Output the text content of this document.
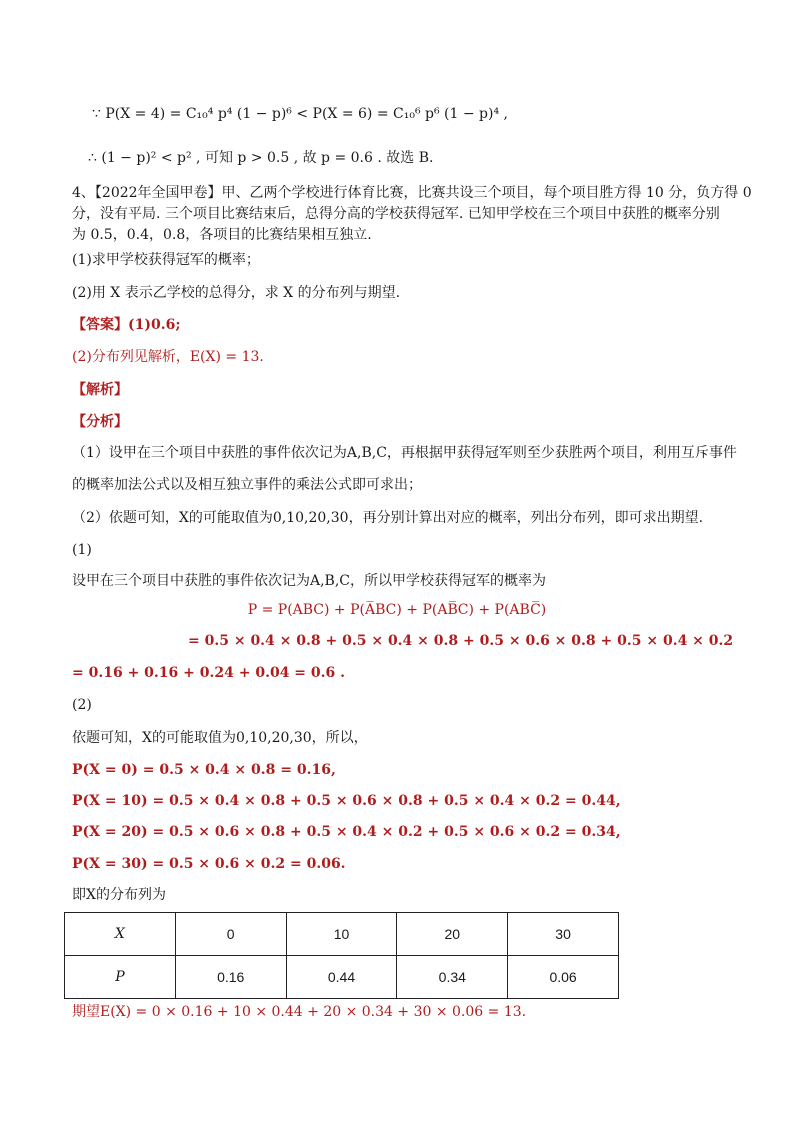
∵ P(X = 4) = C₁₀⁴ p⁴ (1 − p)⁶ < P(X = 6) = C₁₀⁶ p⁶ (1 − p)⁴ ,
∴ (1 − p)² < p² , 可知 p > 0.5 , 故 p = 0.6 . 故选 B.
4、【2022年全国甲卷】甲、乙两个学校进行体育比赛，比赛共设三个项目，每个项目胜方得 10 分，负方得 0
分，没有平局. 三个项目比赛结束后，总得分高的学校获得冠军. 已知甲学校在三个项目中获胜的概率分别
为 0.5，0.4，0.8，各项目的比赛结果相互独立.
(1)求甲学校获得冠军的概率；
(2)用 X 表示乙学校的总得分，求 X 的分布列与期望.
【答案】(1)0.6;
(2)分布列见解析，E(X) = 13.
【解析】
【分析】
（1）设甲在三个项目中获胜的事件依次记为A,B,C，再根据甲获得冠军则至少获胜两个项目，利用互斥事件
的概率加法公式以及相互独立事件的乘法公式即可求出；
（2）依题可知，X的可能取值为0,10,20,30，再分别计算出对应的概率，列出分布列，即可求出期望.
(1)
设甲在三个项目中获胜的事件依次记为A,B,C，所以甲学校获得冠军的概率为
P = P(ABC) + P(A̅BC) + P(AB̅C) + P(ABC̅)
= 0.5 × 0.4 × 0.8 + 0.5 × 0.4 × 0.8 + 0.5 × 0.6 × 0.8 + 0.5 × 0.4 × 0.2
= 0.16 + 0.16 + 0.24 + 0.04 = 0.6 .
(2)
依题可知，X的可能取值为0,10,20,30，所以，
P(X = 0) = 0.5 × 0.4 × 0.8 = 0.16,
P(X = 10) = 0.5 × 0.4 × 0.8 + 0.5 × 0.6 × 0.8 + 0.5 × 0.4 × 0.2 = 0.44,
P(X = 20) = 0.5 × 0.6 × 0.8 + 0.5 × 0.4 × 0.2 + 0.5 × 0.6 × 0.2 = 0.34,
P(X = 30) = 0.5 × 0.6 × 0.2 = 0.06.
即X的分布列为
X	0	10	20	30
P	0.16	0.44	0.34	0.06
期望E(X) = 0 × 0.16 + 10 × 0.44 + 20 × 0.34 + 30 × 0.06 = 13.
